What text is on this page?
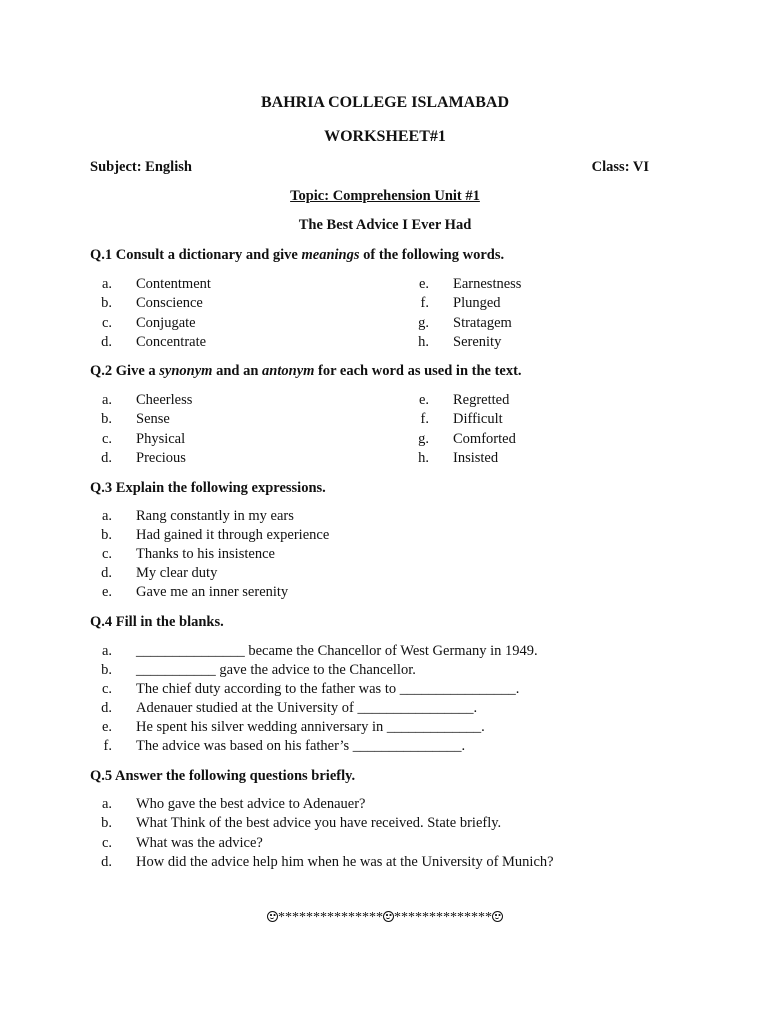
BAHRIA COLLEGE ISLAMABAD
WORKSHEET#1
Subject: English	Class: VI
Topic: Comprehension Unit #1
The Best Advice I Ever Had
Q.1 Consult a dictionary and give meanings of the following words.
a. Contentment
b. Conscience
c. Conjugate
d. Concentrate
e. Earnestness
f. Plunged
g. Stratagem
h. Serenity
Q.2 Give a synonym and an antonym for each word as used in the text.
a. Cheerless
b. Sense
c. Physical
d. Precious
e. Regretted
f. Difficult
g. Comforted
h. Insisted
Q.3 Explain the following expressions.
a. Rang constantly in my ears
b. Had gained it through experience
c. Thanks to his insistence
d. My clear duty
e. Gave me an inner serenity
Q.4 Fill in the blanks.
a. _______________ became the Chancellor of West Germany in 1949.
b. ___________ gave the advice to the Chancellor.
c. The chief duty according to the father was to ________________.
d. Adenauer studied at the University of ________________.
e. He spent his silver wedding anniversary in _____________.
f. The advice was based on his father’s _______________.
Q.5 Answer the following questions briefly.
a. Who gave the best advice to Adenauer?
b. What Think of the best advice you have received. State briefly.
c. What was the advice?
d. How did the advice help him when he was at the University of Munich?
*************** **************
